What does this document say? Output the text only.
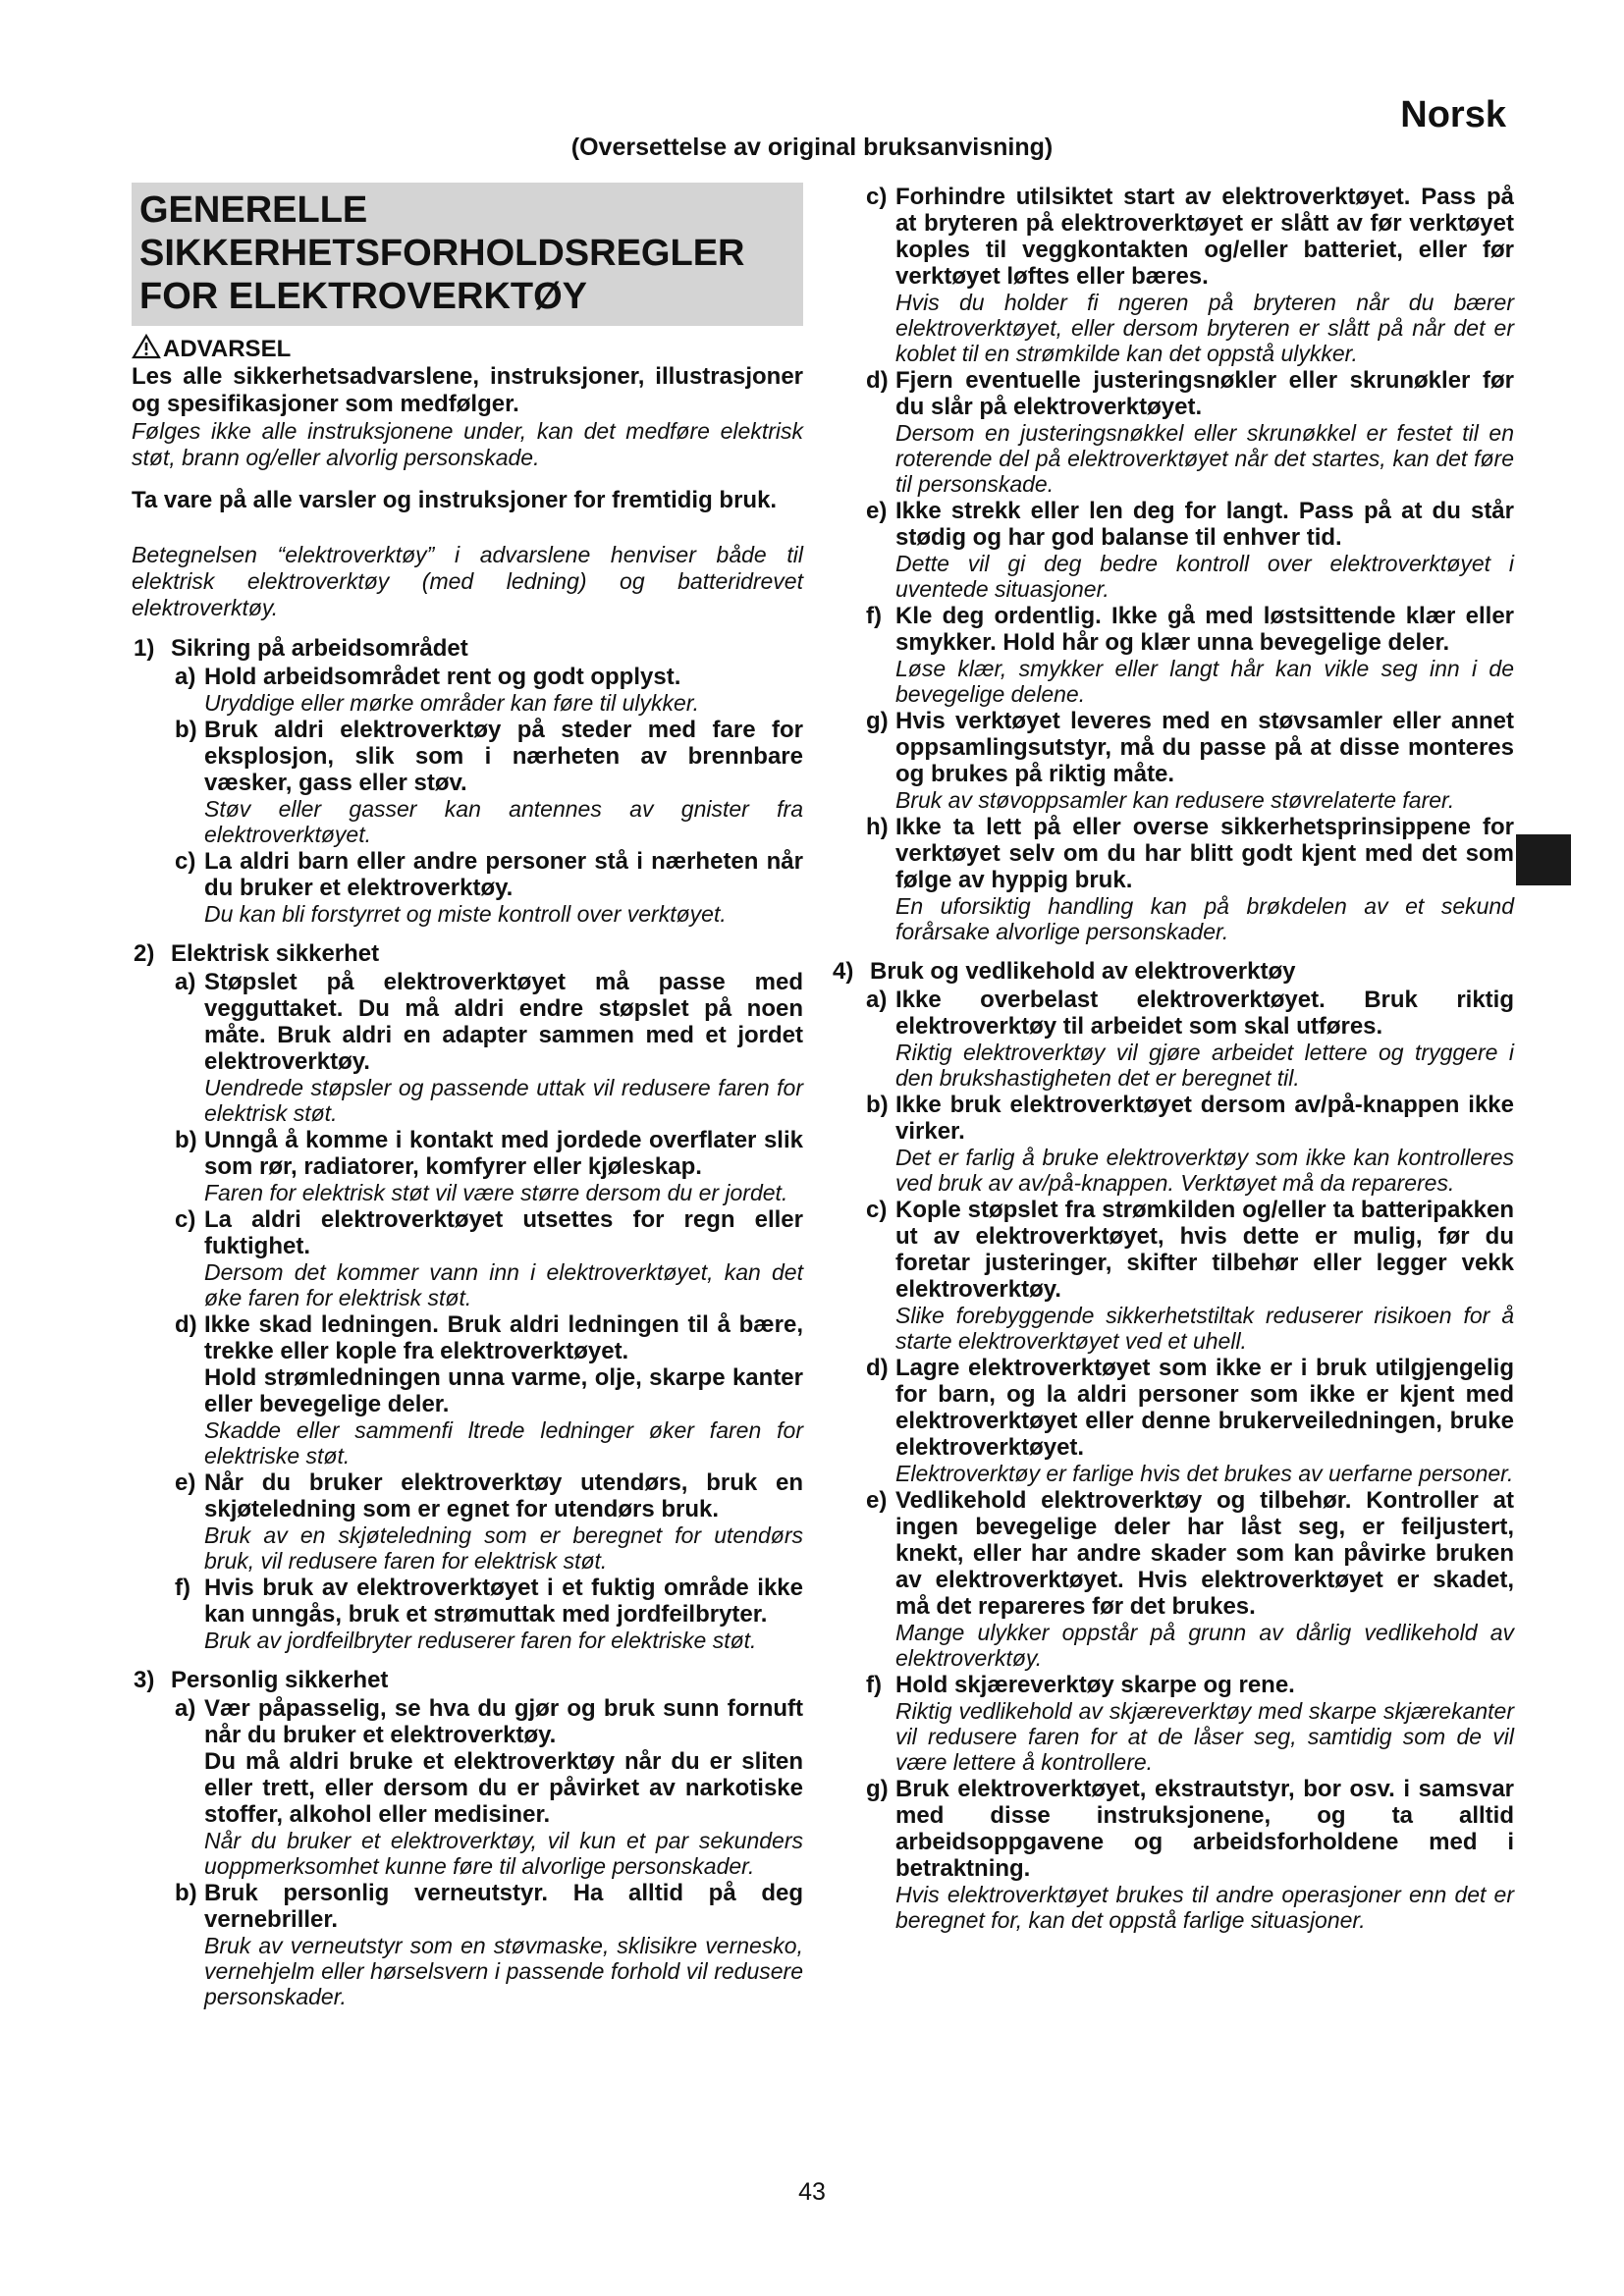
Norsk
(Oversettelse av original bruksanvisning)
GENERELLE
SIKKERHETSFORHOLDSREGLER
FOR ELEKTROVERKTØY
ADVARSEL
Les alle sikkerhetsadvarslene, instruksjoner, illustrasjoner og spesifikasjoner som medfølger.
Følges ikke alle instruksjonene under, kan det medføre elektrisk støt, brann og/eller alvorlig personskade.
Ta vare på alle varsler og instruksjoner for fremtidig bruk.
Betegnelsen “elektroverktøy” i advarslene henviser både til elektrisk elektroverktøy (med ledning) og batteridrevet elektroverktøy.
1) Sikring på arbeidsområdet
a) Hold arbeidsområdet rent og godt opplyst.
Uryddige eller mørke områder kan føre til ulykker.
b) Bruk aldri elektroverktøy på steder med fare for eksplosjon, slik som i nærheten av brennbare væsker, gass eller støv.
Støv eller gasser kan antennes av gnister fra elektroverktøyet.
c) La aldri barn eller andre personer stå i nærheten når du bruker et elektroverktøy.
Du kan bli forstyrret og miste kontroll over verktøyet.
2) Elektrisk sikkerhet
a) Støpslet på elektroverktøyet må passe med vegguttaket. Du må aldri endre støpslet på noen måte. Bruk aldri en adapter sammen med et jordet elektroverktøy.
Uendrede støpsler og passende uttak vil redusere faren for elektrisk støt.
b) Unngå å komme i kontakt med jordede overflater slik som rør, radiatorer, komfyrer eller kjøleskap.
Faren for elektrisk støt vil være større dersom du er jordet.
c) La aldri elektroverktøyet utsettes for regn eller fuktighet.
Dersom det kommer vann inn i elektroverktøyet, kan det øke faren for elektrisk støt.
d) Ikke skad ledningen. Bruk aldri ledningen til å bære, trekke eller kople fra elektroverktøyet.
Hold strømledningen unna varme, olje, skarpe kanter eller bevegelige deler.
Skadde eller sammenfi ltrede ledninger øker faren for elektriske støt.
e) Når du bruker elektroverktøy utendørs, bruk en skjøteledning som er egnet for utendørs bruk.
Bruk av en skjøteledning som er beregnet for utendørs bruk, vil redusere faren for elektrisk støt.
f) Hvis bruk av elektroverktøyet i et fuktig område ikke kan unngås, bruk et strømuttak med jordfeilbryter.
Bruk av jordfeilbryter reduserer faren for elektriske støt.
3) Personlig sikkerhet
a) Vær påpasselig, se hva du gjør og bruk sunn fornuft når du bruker et elektroverktøy.
Du må aldri bruke et elektroverktøy når du er sliten eller trett, eller dersom du er påvirket av narkotiske stoffer, alkohol eller medisiner.
Når du bruker et elektroverktøy, vil kun et par sekunders uoppmerksomhet kunne føre til alvorlige personskader.
b) Bruk personlig verneutstyr. Ha alltid på deg vernebriller.
Bruk av verneutstyr som en støvmaske, sklisikre vernesko, vernehjelm eller hørselsvern i passende forhold vil redusere personskader.
c) Forhindre utilsiktet start av elektroverktøyet. Pass på at bryteren på elektroverktøyet er slått av før verktøyet koples til veggkontakten og/eller batteriet, eller før verktøyet løftes eller bæres.
Hvis du holder fi ngeren på bryteren når du bærer elektroverktøyet, eller dersom bryteren er slått på når det er koblet til en strømkilde kan det oppstå ulykker.
d) Fjern eventuelle justeringsnøkler eller skrunøkler før du slår på elektroverktøyet.
Dersom en justeringsnøkkel eller skrunøkkel er festet til en roterende del på elektroverktøyet når det startes, kan det føre til personskade.
e) Ikke strekk eller len deg for langt. Pass på at du står stødig og har god balanse til enhver tid.
Dette vil gi deg bedre kontroll over elektroverktøyet i uventede situasjoner.
f) Kle deg ordentlig. Ikke gå med løstsittende klær eller smykker. Hold hår og klær unna bevegelige deler.
Løse klær, smykker eller langt hår kan vikle seg inn i de bevegelige delene.
g) Hvis verktøyet leveres med en støvsamler eller annet oppsamlingsutstyr, må du passe på at disse monteres og brukes på riktig måte.
Bruk av støvoppsamler kan redusere støvrelaterte farer.
h) Ikke ta lett på eller overse sikkerhetsprinsippene for verktøyet selv om du har blitt godt kjent med det som følge av hyppig bruk.
En uforsiktig handling kan på brøkdelen av et sekund forårsake alvorlige personskader.
4) Bruk og vedlikehold av elektroverktøy
a) Ikke overbelast elektroverktøyet. Bruk riktig elektroverktøy til arbeidet som skal utføres.
Riktig elektroverktøy vil gjøre arbeidet lettere og tryggere i den brukshastigheten det er beregnet til.
b) Ikke bruk elektroverktøyet dersom av/på-knappen ikke virker.
Det er farlig å bruke elektroverktøy som ikke kan kontrolleres ved bruk av av/på-knappen. Verktøyet må da repareres.
c) Kople støpslet fra strømkilden og/eller ta batteripakken ut av elektroverktøyet, hvis dette er mulig, før du foretar justeringer, skifter tilbehør eller legger vekk elektroverktøy.
Slike forebyggende sikkerhetstiltak reduserer risikoen for å starte elektroverktøyet ved et uhell.
d) Lagre elektroverktøyet som ikke er i bruk utilgjengelig for barn, og la aldri personer som ikke er kjent med elektroverktøyet eller denne brukerveiledningen, bruke elektroverktøyet.
Elektroverktøy er farlige hvis det brukes av uerfarne personer.
e) Vedlikehold elektroverktøy og tilbehør. Kontroller at ingen bevegelige deler har låst seg, er feiljustert, knekt, eller har andre skader som kan påvirke bruken av elektroverktøyet. Hvis elektroverktøyet er skadet, må det repareres før det brukes.
Mange ulykker oppstår på grunn av dårlig vedlikehold av elektroverktøy.
f) Hold skjæreverktøy skarpe og rene.
Riktig vedlikehold av skjæreverktøy med skarpe skjærekanter vil redusere faren for at de låser seg, samtidig som de vil være lettere å kontrollere.
g) Bruk elektroverktøyet, ekstrautstyr, bor osv. i samsvar med disse instruksjonene, og ta alltid arbeidsoppgavene og arbeidsforholdene med i betraktning.
Hvis elektroverktøyet brukes til andre operasjoner enn det er beregnet for, kan det oppstå farlige situasjoner.
43
